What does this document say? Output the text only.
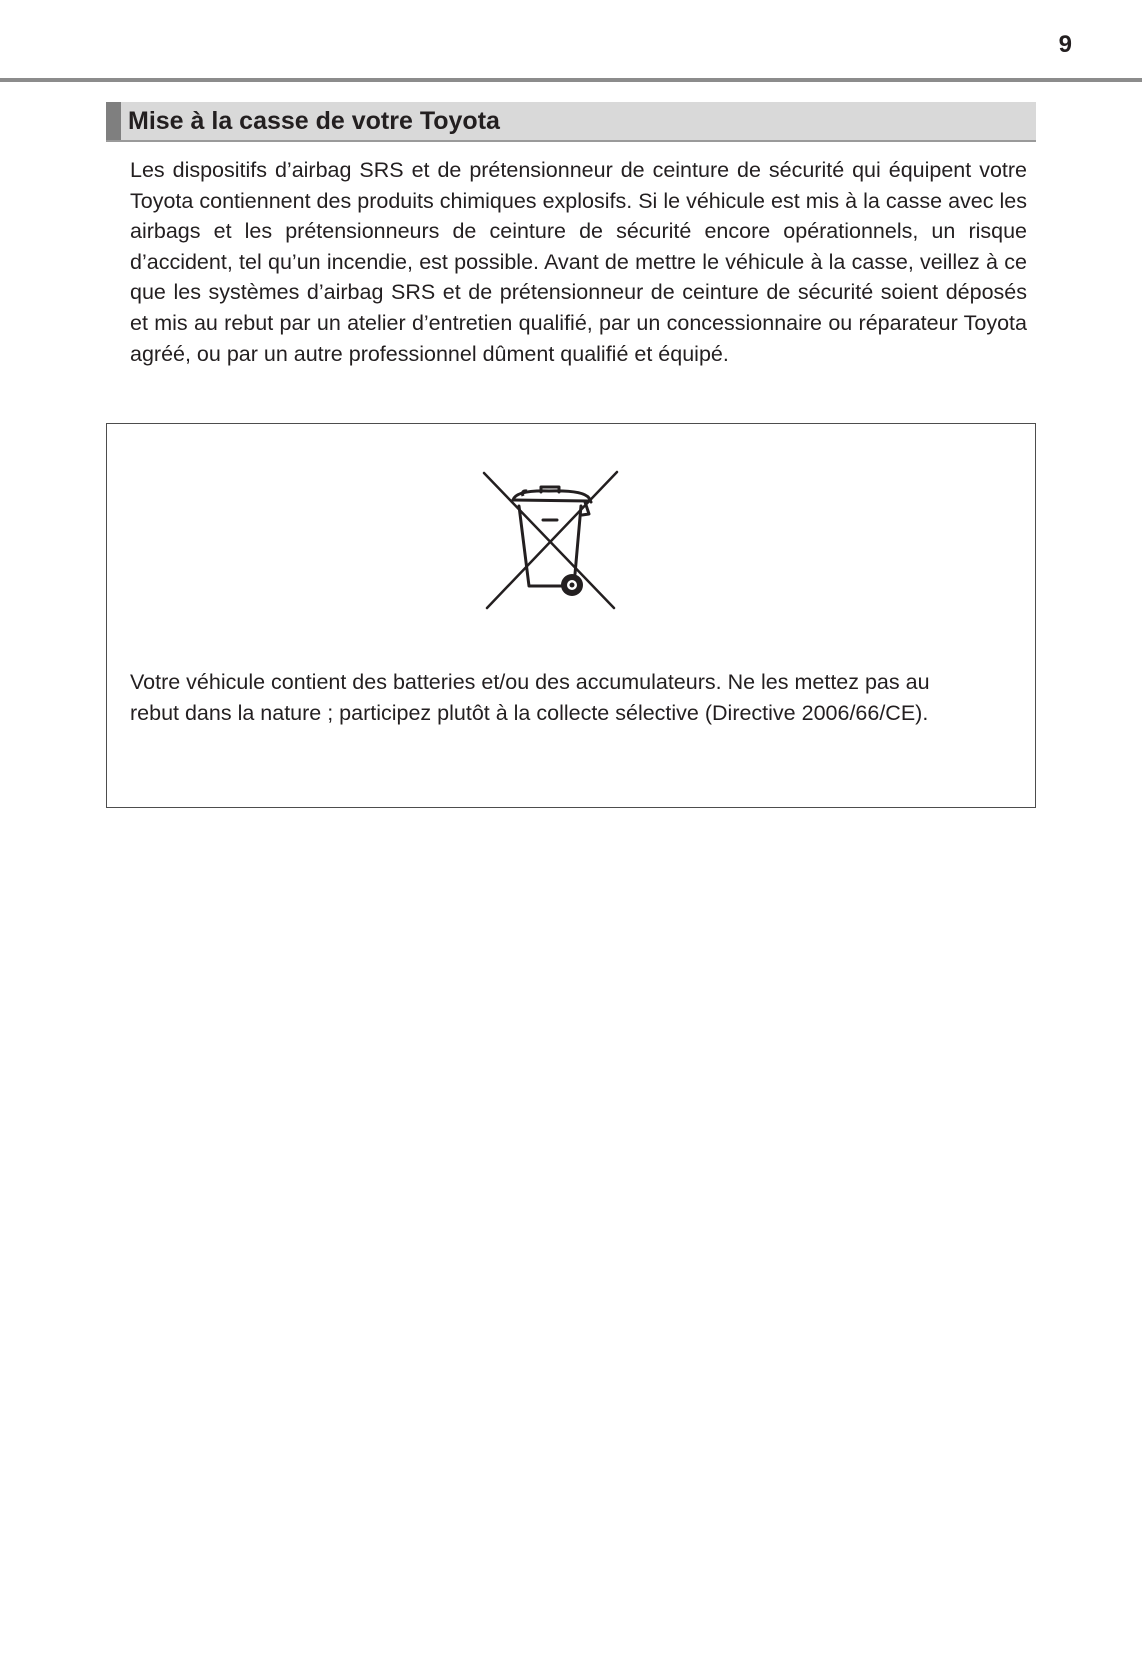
9
Mise à la casse de votre Toyota

Les dispositifs d’airbag SRS et de prétensionneur de ceinture de sécurité qui équipent votre Toyota contiennent des produits chimiques explosifs. Si le véhicule est mis à la casse avec les airbags et les prétensionneurs de ceinture de sécurité encore opérationnels, un risque d’accident, tel qu’un incendie, est possible. Avant de mettre le véhicule à la casse, veillez à ce que les systèmes d’airbag SRS et de prétensionneur de ceinture de sécurité soient déposés et mis au rebut par un atelier d’entretien qualifié, par un concessionnaire ou réparateur Toyota agréé, ou par un autre professionnel dûment qualifié et équipé.

Votre véhicule contient des batteries et/ou des accumulateurs. Ne les mettez pas au rebut dans la nature ; participez plutôt à la collecte sélective (Directive 2006/66/CE).
